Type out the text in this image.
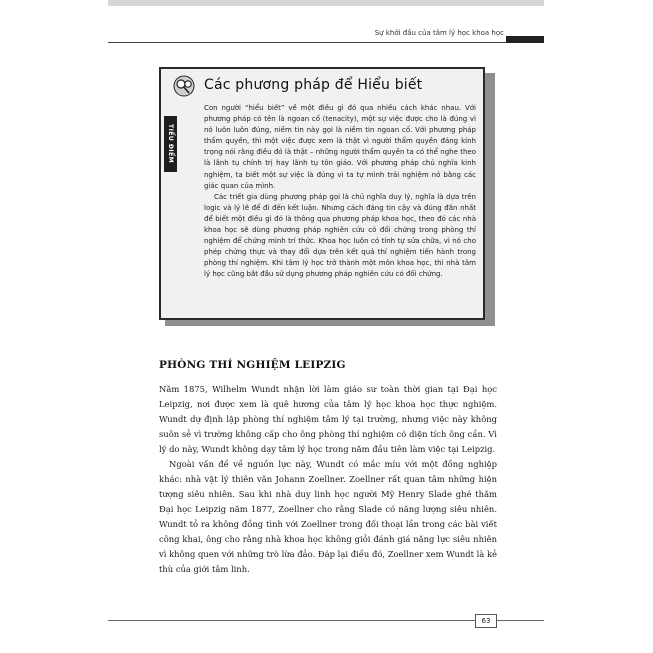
Sự khởi đầu của tâm lý học khoa học
Các phương pháp để Hiểu biết
TIỂU ĐIỂM

Con người “hiểu biết” về một điều gì đó qua nhiều cách khác nhau. Với phương pháp có tên là ngoan cố (tenacity), một sự việc được cho là đúng vì nó luôn luôn đúng, niềm tin này gọi là niềm tin ngoan cố. Với phương pháp thẩm quyền, thì một việc được xem là thật vì người thẩm quyền đáng kính trọng nói rằng điều đó là thật – những người thẩm quyền ta có thể nghe theo là lãnh tụ chính trị hay lãnh tụ tôn giáo. Với phương pháp chủ nghĩa kinh nghiệm, ta biết một sự việc là đúng vì ta tự mình trải nghiệm nó bằng các giác quan của mình.

Các triết gia dùng phương pháp gọi là chủ nghĩa duy lý, nghĩa là dựa trên logic và lý lẽ để đi đến kết luận. Nhưng cách đáng tin cậy và đúng đắn nhất để biết một điều gì đó là thông qua phương pháp khoa học, theo đó các nhà khoa học sẽ dùng phương pháp nghiên cứu có đối chứng trong phòng thí nghiệm để chứng minh trí thức. Khoa học luôn có tính tự sửa chữa, vì nó cho phép chứng thực và thay đổi dựa trên kết quả thí nghiệm tiến hành trong phòng thí nghiệm. Khi tâm lý học trở thành một môn khoa học, thì nhà tâm lý học cũng bắt đầu sử dụng phương pháp nghiên cứu có đối chứng.

PHÒNG THÍ NGHIỆM LEIPZIG

Năm 1875, Wilhelm Wundt nhận lời làm giáo sư toàn thời gian tại Đại học Leipzig, nơi được xem là quê hương của tâm lý học khoa học thực nghiệm. Wundt dự định lập phòng thí nghiệm tâm lý tại trường, nhưng việc này không suôn sẻ vì trường không cấp cho ông phòng thí nghiệm có diện tích ông cần. Vì lý do này, Wundt không dạy tâm lý học trong năm đầu tiên làm việc tại Leipzig.

Ngoài vấn đề về nguồn lực này, Wundt có mắc míu với một đồng nghiệp khác: nhà vật lý thiên văn Johann Zoellner. Zoellner rất quan tâm những hiện tượng siêu nhiên. Sau khi nhà duy linh học người Mỹ Henry Slade ghé thăm Đại học Leipzig năm 1877, Zoellner cho rằng Slade có năng lượng siêu nhiên. Wundt tỏ ra không đồng tình với Zoellner trong đối thoại lần trong các bài viết công khai, ông cho rằng nhà khoa học không giỏi đánh giá năng lực siêu nhiên vì không quen với những trò lừa đảo. Đáp lại điều đó, Zoellner xem Wundt là kẻ thù của giới tâm linh.

63
